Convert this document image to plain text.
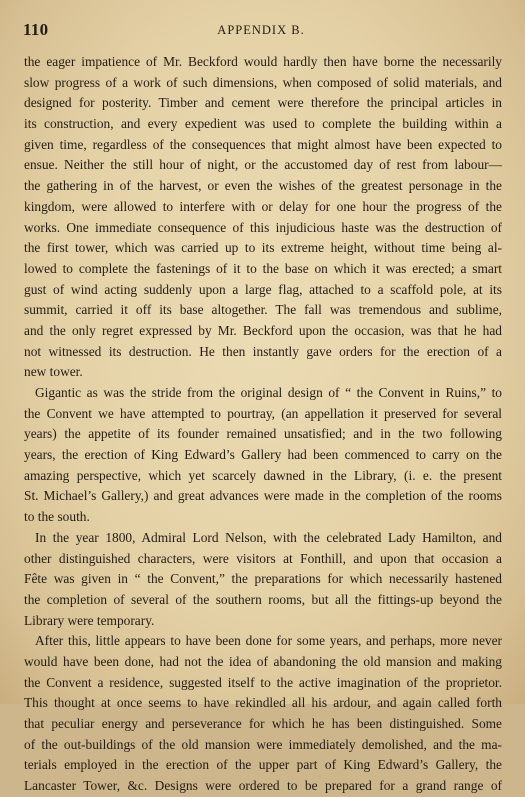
110	APPENDIX B.
the eager impatience of Mr. Beckford would hardly then have borne the necessarily
slow progress of a work of such dimensions, when composed of solid materials, and
designed for posterity. Timber and cement were therefore the principal articles in
its construction, and every expedient was used to complete the building within a
given time, regardless of the consequences that might almost have been expected to
ensue. Neither the still hour of night, or the accustomed day of rest from labour—
the gathering in of the harvest, or even the wishes of the greatest personage in the
kingdom, were allowed to interfere with or delay for one hour the progress of the
works. One immediate consequence of this injudicious haste was the destruction of
the first tower, which was carried up to its extreme height, without time being al-
lowed to complete the fastenings of it to the base on which it was erected; a smart
gust of wind acting suddenly upon a large flag, attached to a scaffold pole, at its
summit, carried it off its base altogether. The fall was tremendous and sublime,
and the only regret expressed by Mr. Beckford upon the occasion, was that he had
not witnessed its destruction. He then instantly gave orders for the erection of a
new tower.
Gigantic as was the stride from the original design of “ the Convent in Ruins,” to
the Convent we have attempted to pourtray, (an appellation it preserved for several
years) the appetite of its founder remained unsatisfied; and in the two following
years, the erection of King Edward’s Gallery had been commenced to carry on the
amazing perspective, which yet scarcely dawned in the Library, (i. e. the present
St. Michael’s Gallery,) and great advances were made in the completion of the rooms
to the south.
In the year 1800, Admiral Lord Nelson, with the celebrated Lady Hamilton, and
other distinguished characters, were visitors at Fonthill, and upon that occasion a
Fête was given in “ the Convent,” the preparations for which necessarily hastened
the completion of several of the southern rooms, but all the fittings-up beyond the
Library were temporary.
After this, little appears to have been done for some years, and perhaps, more never
would have been done, had not the idea of abandoning the old mansion and making
the Convent a residence, suggested itself to the active imagination of the proprietor.
This thought at once seems to have rekindled all his ardour, and again called forth
that peculiar energy and perseverance for which he has been distinguished. Some
of the out-buildings of the old mansion were immediately demolished, and the ma-
terials employed in the erection of the upper part of King Edward’s Gallery, the
Lancaster Tower, &c. Designs were ordered to be prepared for a grand range of
